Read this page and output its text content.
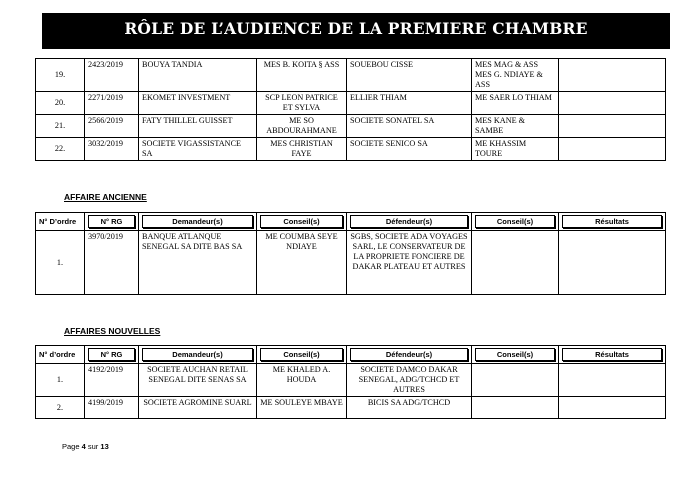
RÔLE DE L’AUDIENCE DE LA PREMIERE CHAMBRE
19.	2423/2019	BOUYA TANDIA	MES B. KOITA § ASS	SOUEBOU CISSE	MES MAG & ASS MES G. NDIAYE & ASS	
20.	2271/2019	EKOMET INVESTMENT	SCP LEON PATRICE ET SYLVA	ELLIER THIAM	ME SAER LO THIAM	
21.	2566/2019	FATY THILLEL GUISSET	ME SO ABDOURAHMANE	SOCIETE SONATEL SA	MES KANE & SAMBE	
22.	3032/2019	SOCIETE VIGASSISTANCE SA	MES CHRISTIAN FAYE	SOCIETE SENICO SA	ME KHASSIM TOURE	
AFFAIRE ANCIENNE
N° D’ordre	N° RG	Demandeur(s)	Conseil(s)	Défendeur(s)	Conseil(s)	Résultats

1.	3970/2019	BANQUE ATLANQUE SENEGAL SA DITE BAS SA	ME COUMBA SEYE NDIAYE	SGBS, SOCIETE ADA VOYAGES SARL, LE CONSERVATEUR DE LA PROPRIETE FONCIERE DE DAKAR PLATEAU ET AUTRES		
AFFAIRES NOUVELLES
N° d’ordre	N° RG	Demandeur(s)	Conseil(s)	Défendeur(s)	Conseil(s)	Résultats

1.	4192/2019	SOCIETE AUCHAN RETAIL SENEGAL DITE SENAS SA	ME KHALED A. HOUDA	SOCIETE DAMCO DAKAR SENEGAL, ADG/TCHCD ET AUTRES		
2.	4199/2019	SOCIETE AGROMINE SUARL	ME SOULEYE MBAYE	BICIS SA ADG/TCHCD		
Page 4 sur 13
